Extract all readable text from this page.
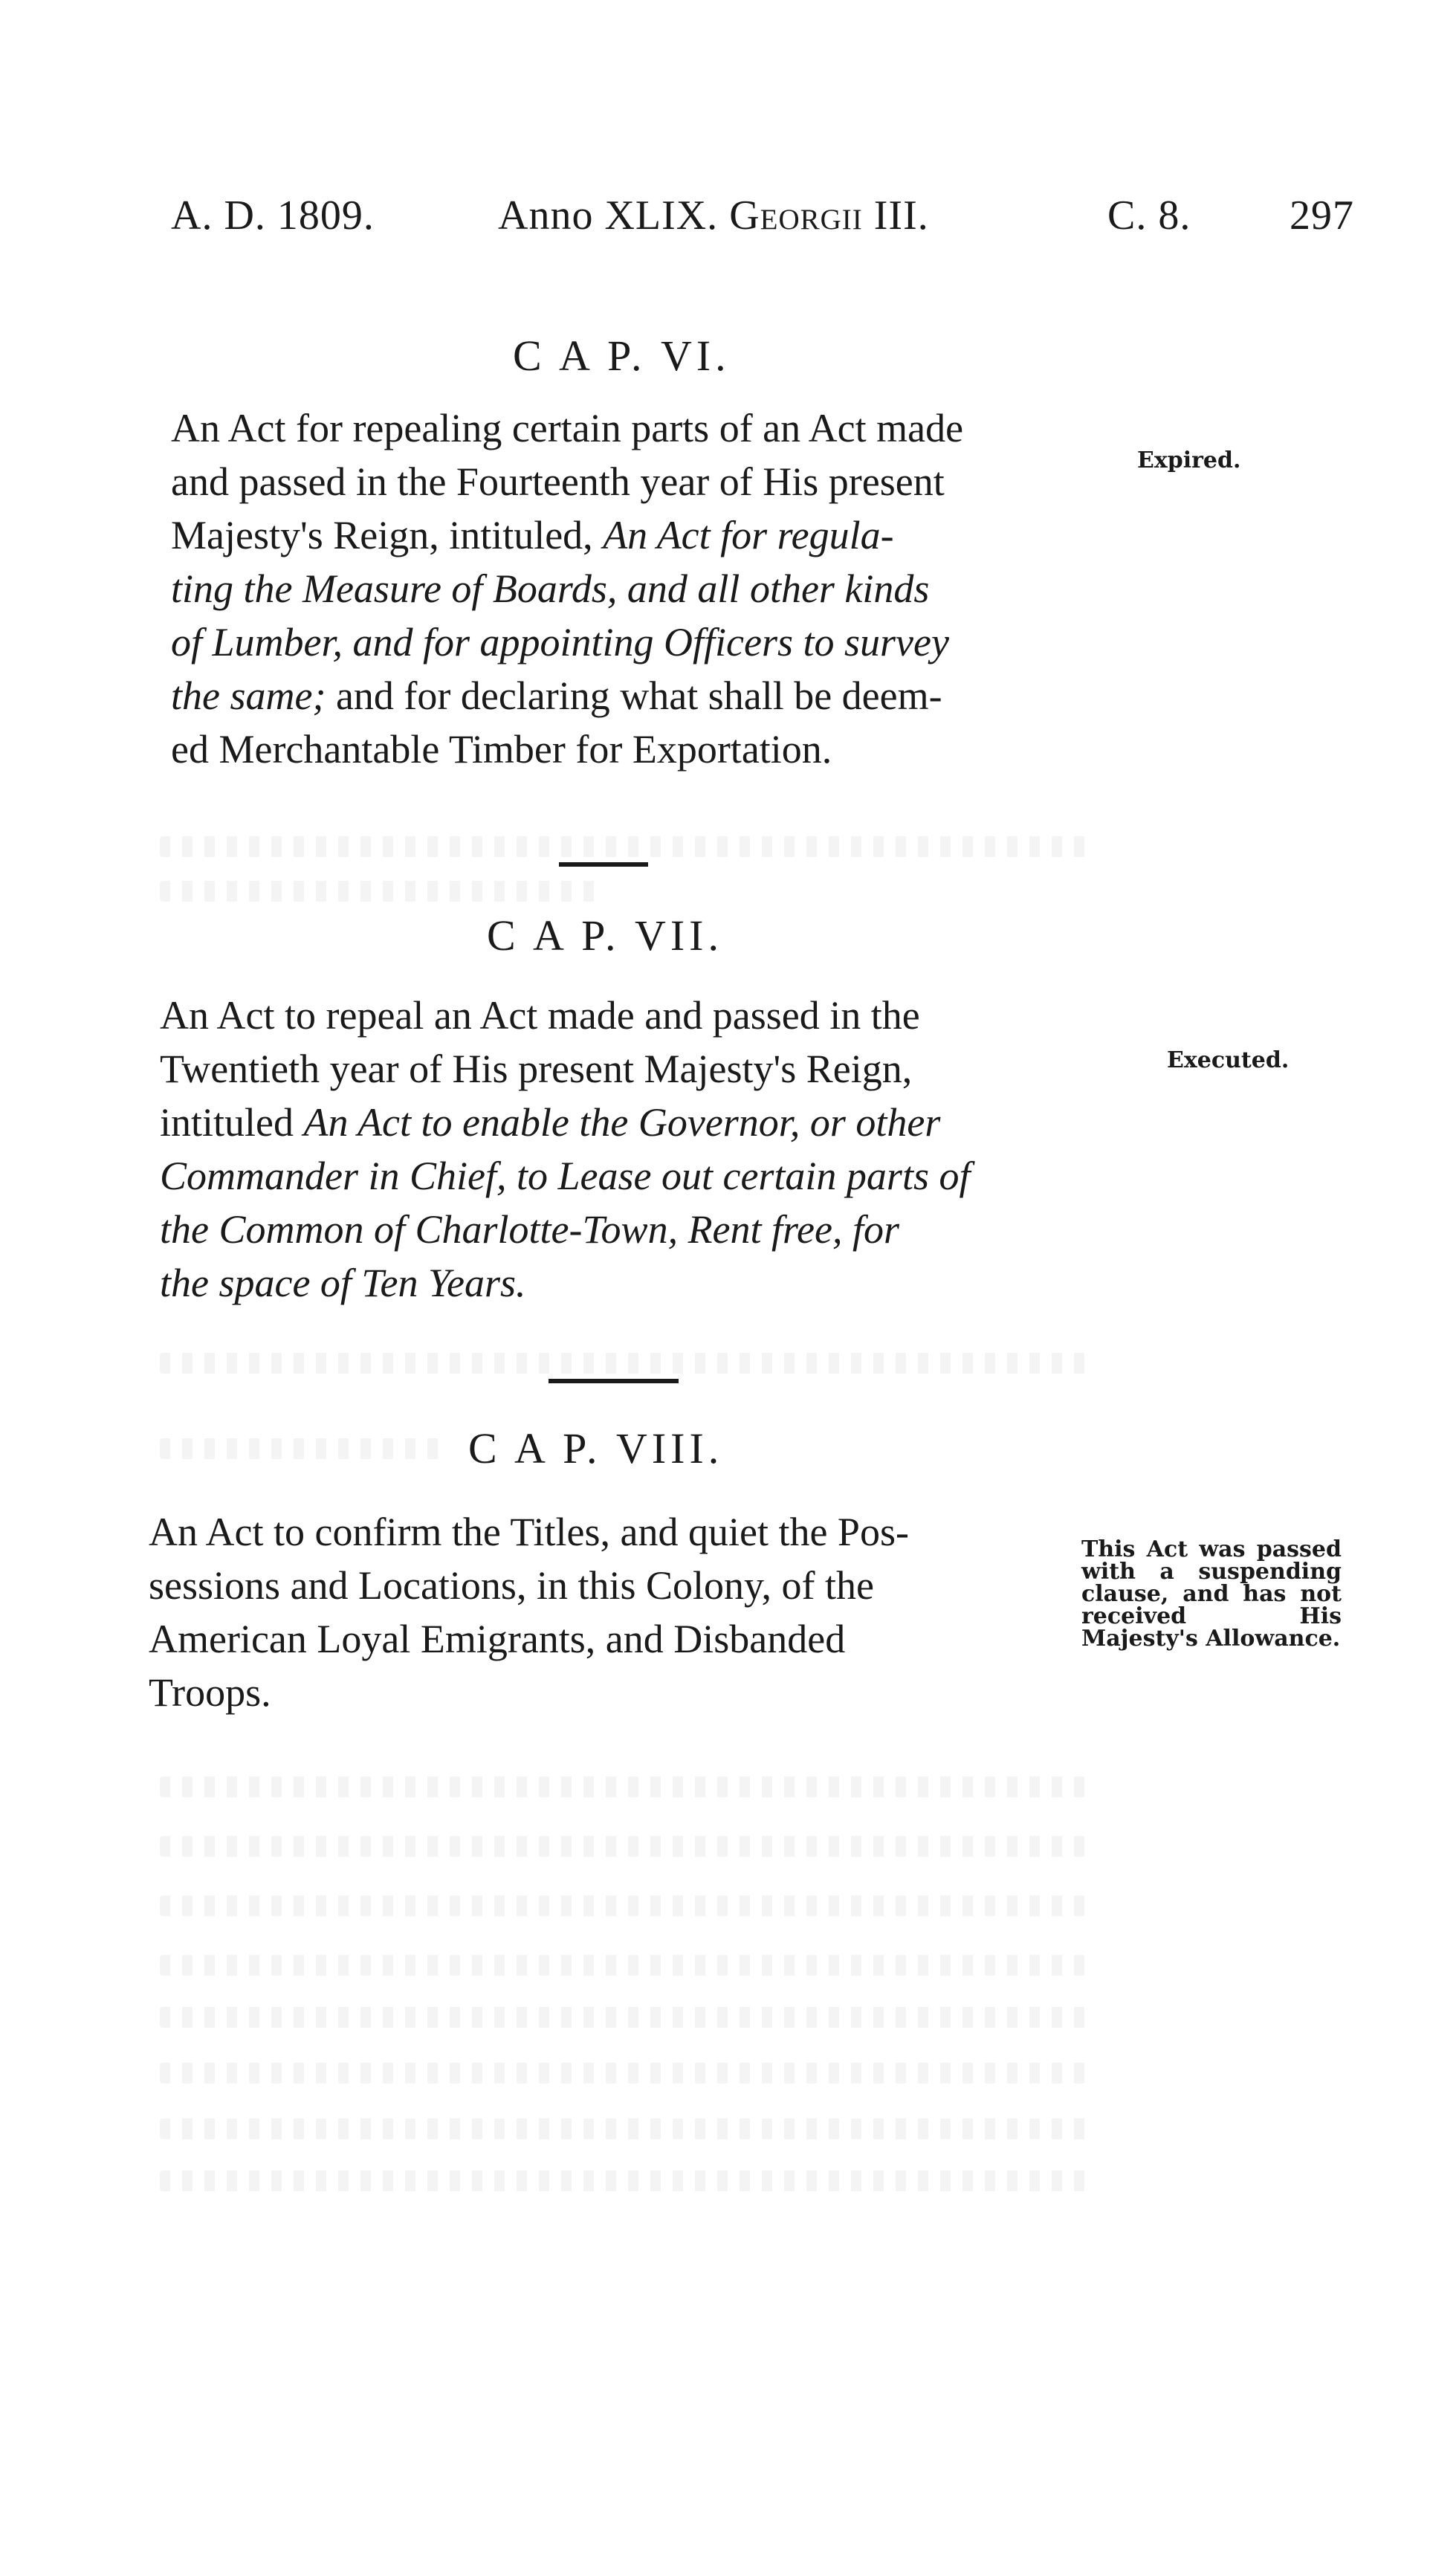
A. D. 1809.	Anno XLIX. Georgii III.	C. 8. 297
C A P. VI.

An Act for repealing certain parts of an Act made

and passed in the Fourteenth year of His present

Majesty's Reign, intituled, An Act for regula-

ting the Measure of Boards, and all other kinds

of Lumber, and for appointing Officers to survey

the same; and for declaring what shall be deem-

ed Merchantable Timber for Exportation.

Expired.
C A P. VII.

An Act to repeal an Act made and passed in the

Twentieth year of His present Majesty's Reign,

intituled An Act to enable the Governor, or other

Commander in Chief, to Lease out certain parts of

the Common of Charlotte-Town, Rent free, for

the space of Ten Years.

Executed.
C A P. VIII.

An Act to confirm the Titles, and quiet the Pos-

sessions and Locations, in this Colony, of the

American Loyal Emigrants, and Disbanded

Troops.

This Act was passed with a suspending clause, and has not received His Majesty's Allowance.
